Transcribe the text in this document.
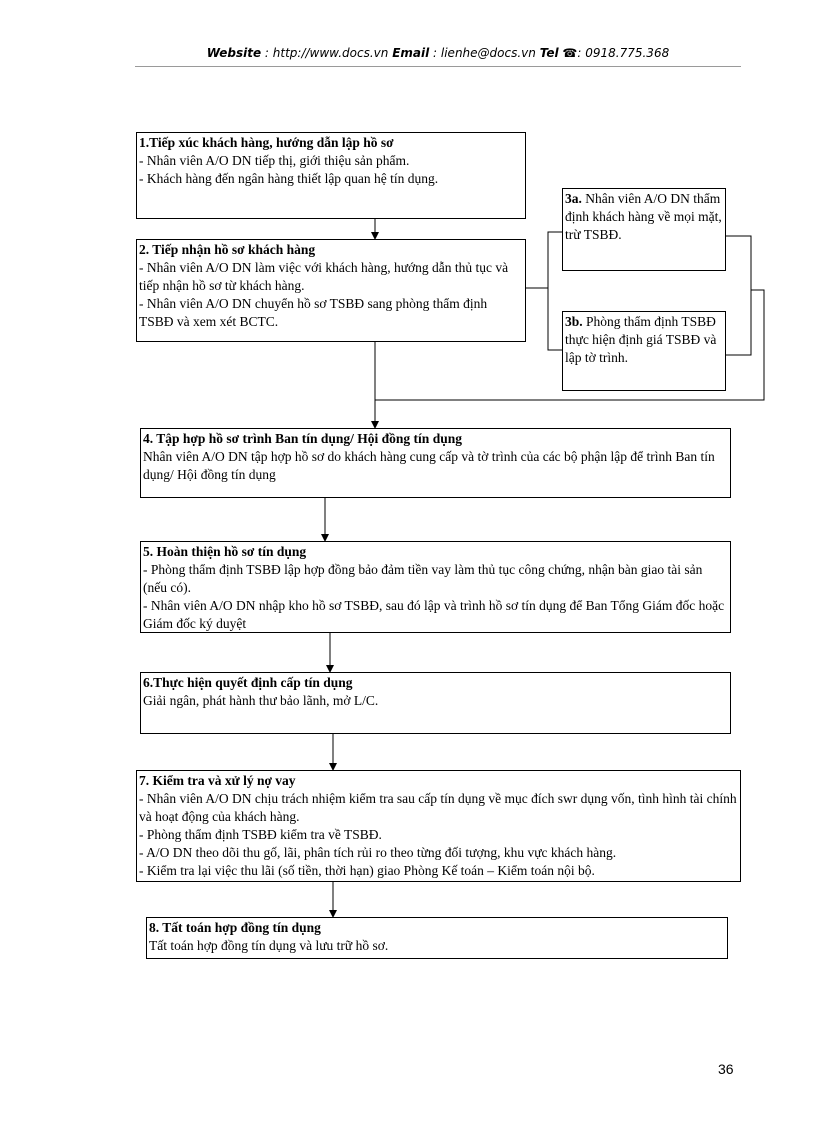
Website : http://www.docs.vn Email : lienhe@docs.vn Tel ☎: 0918.775.368
1.Tiếp xúc khách hàng, hướng dẫn lập hồ sơ
- Nhân viên A/O DN tiếp thị, giới thiệu sản phẩm.
- Khách hàng đến ngân hàng thiết lập quan hệ tín dụng.
2. Tiếp nhận hồ sơ khách hàng
- Nhân viên A/O DN làm việc với khách hàng, hướng dẫn thủ tục và tiếp nhận hồ sơ từ khách hàng.
- Nhân viên A/O DN chuyển hồ sơ TSBĐ sang phòng thẩm định TSBĐ và xem xét BCTC.
3a. Nhân viên A/O DN thẩm định khách hàng về mọi mặt, trừ TSBĐ.
3b. Phòng thẩm định TSBĐ thực hiện định giá TSBĐ và lập tờ trình.
4. Tập hợp hồ sơ trình Ban tín dụng/ Hội đồng tín dụng
Nhân viên A/O DN tập hợp hồ sơ do khách hàng cung cấp và tờ trình của các bộ phận lập để trình Ban tín dụng/ Hội đồng tín dụng
5. Hoàn thiện hồ sơ tín dụng
- Phòng thẩm định TSBĐ lập hợp đồng bảo đảm tiền vay làm thủ tục công chứng, nhận bàn giao tài sản (nếu có).
- Nhân viên A/O DN nhập kho hồ sơ TSBĐ, sau đó lập và trình hồ sơ tín dụng để Ban Tổng Giám đốc hoặc Giám đốc ký duyệt
6.Thực hiện quyết định cấp tín dụng
Giải ngân, phát hành thư bảo lãnh, mở L/C.
7. Kiểm tra và xử lý nợ vay
- Nhân viên A/O DN chịu trách nhiệm kiểm tra sau cấp tín dụng về mục đích swr dụng vốn, tình hình tài chính và hoạt động của khách hàng.
- Phòng thẩm định TSBĐ kiểm tra về TSBĐ.
- A/O DN theo dõi thu gố, lãi, phân tích rủi ro theo từng đối tượng, khu vực khách hàng.
- Kiểm tra lại việc thu lãi (số tiền, thời hạn) giao Phòng Kế toán – Kiểm toán nội bộ.
8. Tất toán hợp đồng tín dụng
Tất toán hợp đồng tín dụng và lưu trữ hồ sơ.
36
